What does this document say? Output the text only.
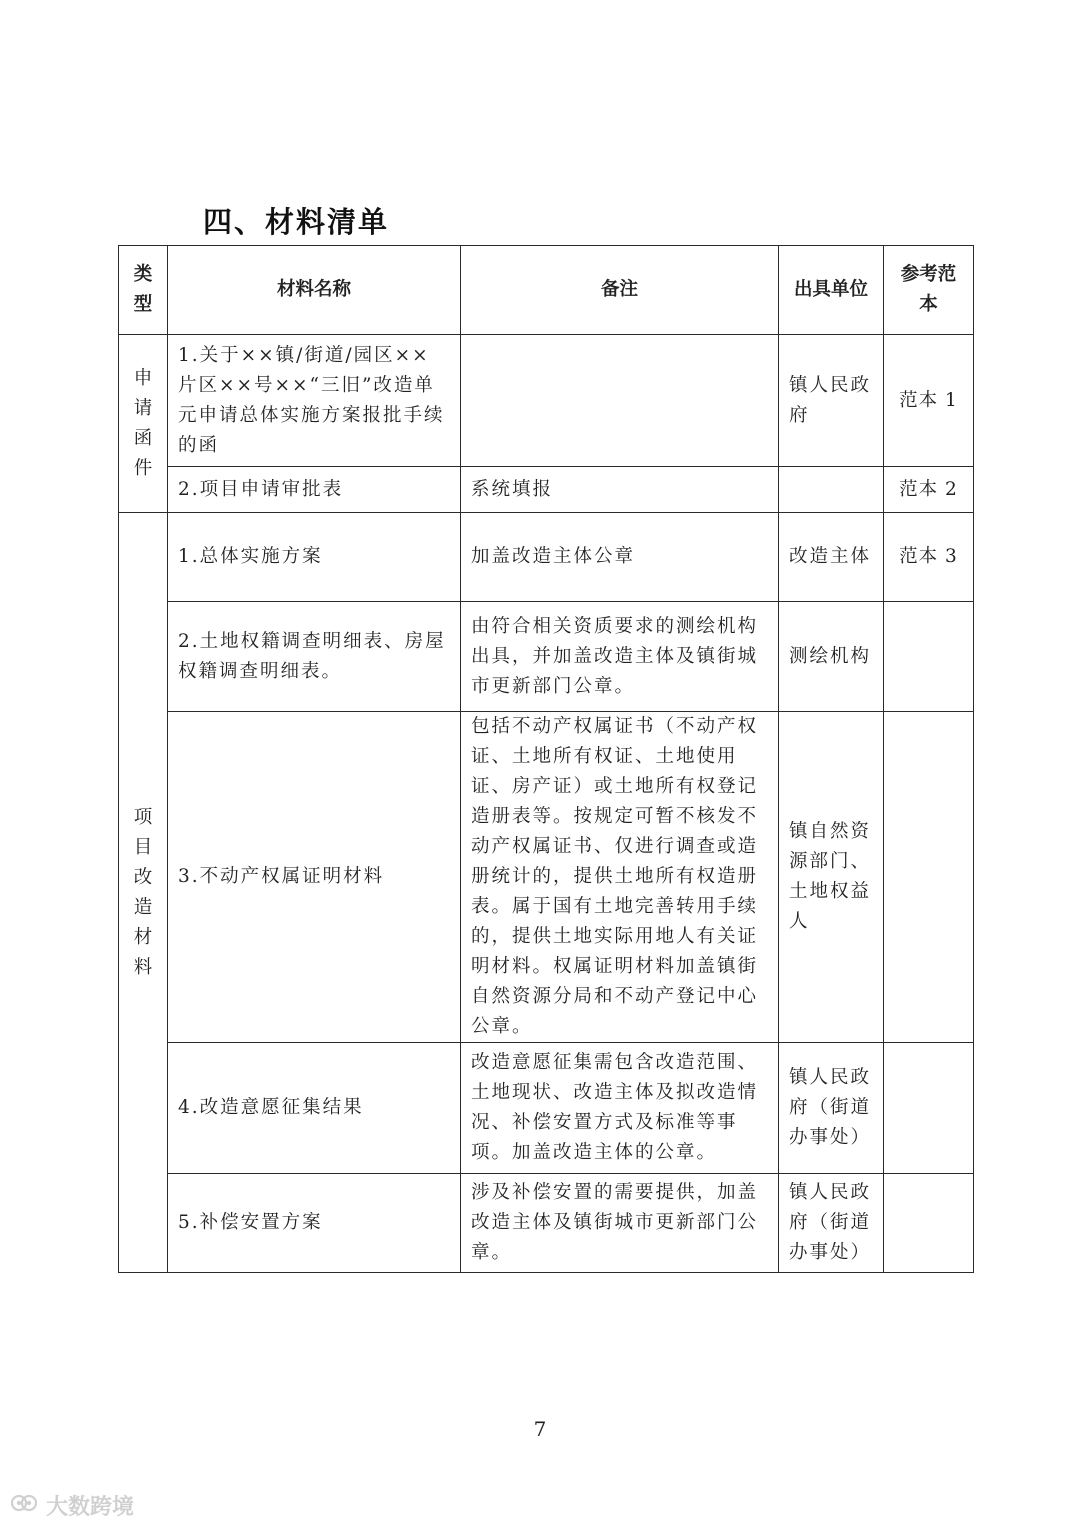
四、材料清单
类型	材料名称	备注	出具单位	参考范本
申请函件	1.关于××镇/街道/园区××片区××号××“三旧”改造单元申请总体实施方案报批手续的函		镇人民政府	范本 1
	2.项目申请审批表	系统填报		范本 2
项目改造材料	1.总体实施方案	加盖改造主体公章	改造主体	范本 3
	2.土地权籍调查明细表、房屋权籍调查明细表。	由符合相关资质要求的测绘机构出具，并加盖改造主体及镇街城市更新部门公章。	测绘机构	
	3.不动产权属证明材料	包括不动产权属证书（不动产权证、土地所有权证、土地使用证、房产证）或土地所有权登记造册表等。按规定可暂不核发不动产权属证书、仅进行调查或造册统计的，提供土地所有权造册表。属于国有土地完善转用手续的，提供土地实际用地人有关证明材料。权属证明材料加盖镇街自然资源分局和不动产登记中心公章。	镇自然资源部门、土地权益人	
	4.改造意愿征集结果	改造意愿征集需包含改造范围、土地现状、改造主体及拟改造情况、补偿安置方式及标准等事项。加盖改造主体的公章。	镇人民政府（街道办事处）	
	5.补偿安置方案	涉及补偿安置的需要提供，加盖改造主体及镇街城市更新部门公章。	镇人民政府（街道办事处）	
7
大数跨境
